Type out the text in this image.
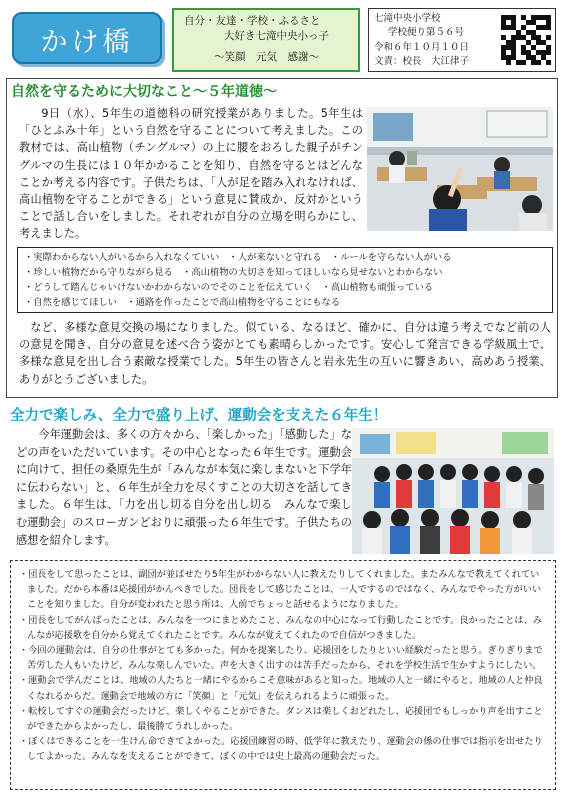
かけ橋
自分・友達・学校・ふるさと
大好き七滝中央小っ子
～笑顔　元気　感謝～
七滝中央小学校
学校便り第５６号
令和６年１０月１０日
文責：校長　大江律子
自然を守るために大切なこと～５年道徳～
9日（水）、5年生の道徳科の研究授業がありました。5年生は「ひとふみ十年」という自然を守ることについて考えました。この教材では、高山植物（チングルマ）の上に腰をおろした親子がチングルマの生長には１０年かかることを知り、自然を守るとはどんなことか考える内容です。子供たちは、「人が足を踏み入れなければ、高山植物を守ることができる」という意見に賛成か、反対かということで話し合いをしました。それぞれが自分の立場を明らかにし、考えました。
・実際わからない人がいるから入れなくていい　・人が来ないと守れる　・ルールを守らない人がいる
・珍しい植物だから守りながら見る　・高山植物の大切さを知ってほしいなら見せないとわからない
・どうして踏んじゃいけないかわからないのでそのことを伝えていく　・高山植物も頑張っている
・自然を感じてほしい　・通路を作ったことで高山植物を守ることにもなる
など、多様な意見交換の場になりました。似ている、なるほど、確かに、自分は違う考えでなど前の人の意見を聞き、自分の意見を述べ合う姿がとても素晴らしかったです。安心して発言できる学級風土で、多様な意見を出し合う素敵な授業でした。5年生の皆さんと岩永先生の互いに響きあい、高めあう授業、ありがとうございました。
全力で楽しみ、全力で盛り上げ、運動会を支えた６年生！
今年運動会は、多くの方々から、「楽しかった」「感動した」などの声をいただいています。その中心となった６年生です。運動会に向けて、担任の桑原先生が「みんなが本気に楽しまないと下学年に伝わらない」と、６年生が全力を尽くすことの大切さを話してきました。６年生は、「力を出し切る自分を出し切る　みんなで楽しむ運動会」のスローガンどおりに頑張った６年生です。子供たちの感想を紹介します。
・団長をして思ったことは、副団が並ばせたり5年生がわからない人に教えたりしてくれました。またみんなで教えてくれていました。だから本番は応援団がかんぺきでした。団長をして感じたことは、一人でするのではなく、みんなでやった方がいいことを知りました。自分が変われたと思う所は、人前でちょっと話せるようになりました。
・団長をしてがんばったことは、みんなを一つにまとめたこと、みんなの中心になって行動したことです。良かったことは、みんなが応援歌を自分から覚えてくれたことです。みんなが覚えてくれたので自信がつきました。
・今回の運動会は、自分の仕事がとても多かった。何かを提案したり、応援団をしたりといい経験だったと思う。ぎりぎりまで苦労した人もいたけど、みんな楽しんでいた。声を大きく出すのは苦手だったから、それを学校生活で生かすようにしたい。
・運動会で学んだことは、地域の人たちと一緒にやるからこそ意味があると知った。地域の人と一緒にやると、地域の人と仲良くなれるからだ。運動会で地域の方に「笑顔」と「元気」を伝えられるように頑張った。
・転校してすぐの運動会だったけど、楽しくやることができた。ダンスは楽しくおどれたし、応援団でもしっかり声を出すことができたからよかったし、最後勝てうれしかった。
・ぼくはできることを一生けん命できてよかった。応援団練習の時、低学年に教えたり、運動会の係の仕事では指示を出せたりしてよかった。みんなを支えることができて、ぼくの中では史上最高の運動会だった。
